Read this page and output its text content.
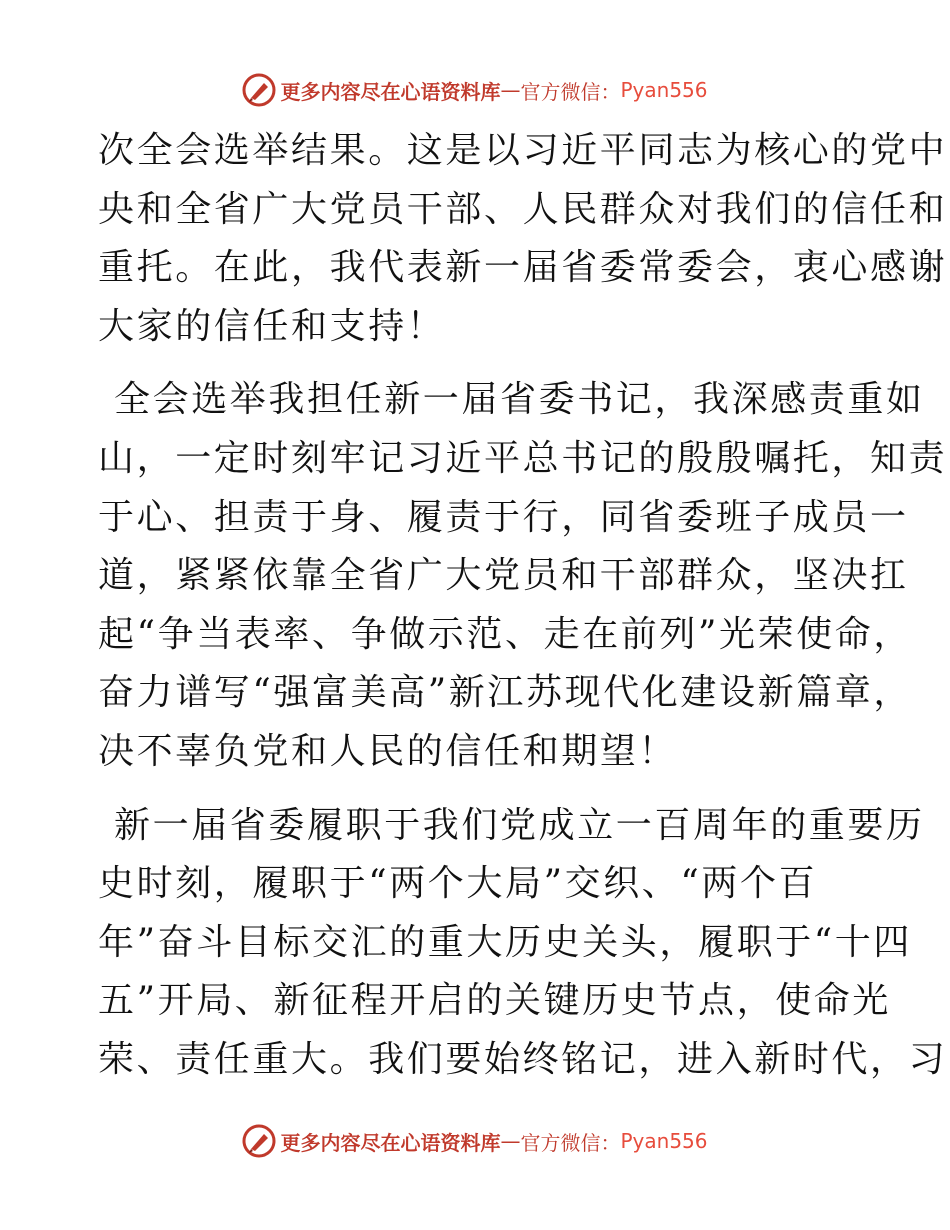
更多内容尽在心语资料库 — 官方微信： Pyan556
次全会选举结果。这是以习近平同志为核心的党中
央和全省广大党员干部、人民群众对我们的信任和
重托。在此，我代表新一届省委常委会，衷心感谢
大家的信任和支持！
全会选举我担任新一届省委书记，我深感责重如
山，一定时刻牢记习近平总书记的殷殷嘱托，知责
于心、担责于身、履责于行，同省委班子成员一
道，紧紧依靠全省广大党员和干部群众，坚决扛
起“争当表率、争做示范、走在前列”光荣使命，
奋力谱写“强富美高”新江苏现代化建设新篇章，
决不辜负党和人民的信任和期望！
新一届省委履职于我们党成立一百周年的重要历
史时刻，履职于“两个大局”交织、“两个百
年”奋斗目标交汇的重大历史关头，履职于“十四
五”开局、新征程开启的关键历史节点，使命光
荣、责任重大。我们要始终铭记，进入新时代，习
更多内容尽在心语资料库 — 官方微信： Pyan556
